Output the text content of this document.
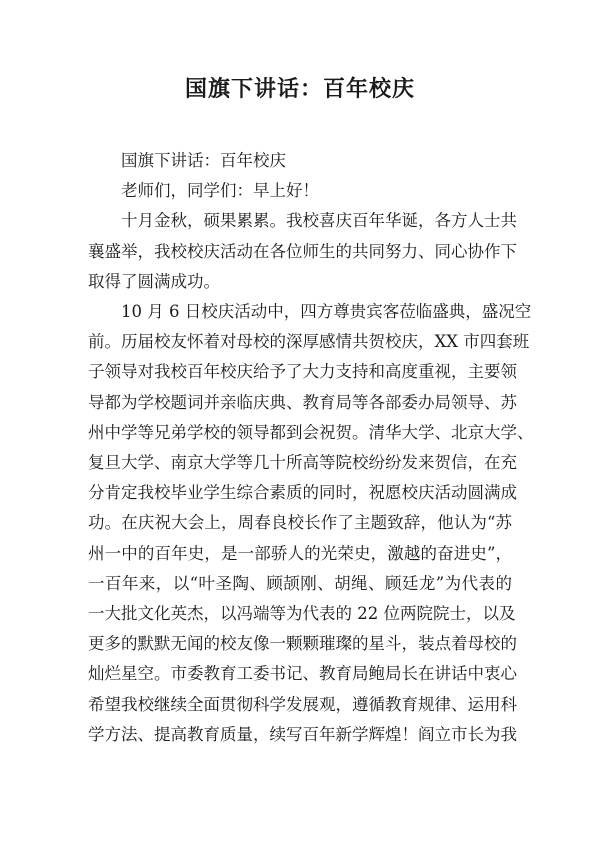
国旗下讲话：百年校庆
国旗下讲话：百年校庆
老师们，同学们：早上好！
十月金秋，硕果累累。我校喜庆百年华诞，各方人士共
襄盛举，我校校庆活动在各位师生的共同努力、同心协作下
取得了圆满成功。
10 月 6 日校庆活动中，四方尊贵宾客莅临盛典，盛况空
前。历届校友怀着对母校的深厚感情共贺校庆，XX 市四套班
子领导对我校百年校庆给予了大力支持和高度重视，主要领
导都为学校题词并亲临庆典、教育局等各部委办局领导、苏
州中学等兄弟学校的领导都到会祝贺。清华大学、北京大学、
复旦大学、南京大学等几十所高等院校纷纷发来贺信，在充
分肯定我校毕业学生综合素质的同时，祝愿校庆活动圆满成
功。在庆祝大会上，周春良校长作了主题致辞，他认为“苏
州一中的百年史，是一部骄人的光荣史，激越的奋进史”，
一百年来，以“叶圣陶、顾颉刚、胡绳、顾廷龙”为代表的
一大批文化英杰，以冯端等为代表的 22 位两院院士，以及
更多的默默无闻的校友像一颗颗璀璨的星斗，装点着母校的
灿烂星空。市委教育工委书记、教育局鲍局长在讲话中衷心
希望我校继续全面贯彻科学发展观，遵循教育规律、运用科
学方法、提高教育质量，续写百年新学辉煌！阎立市长为我
